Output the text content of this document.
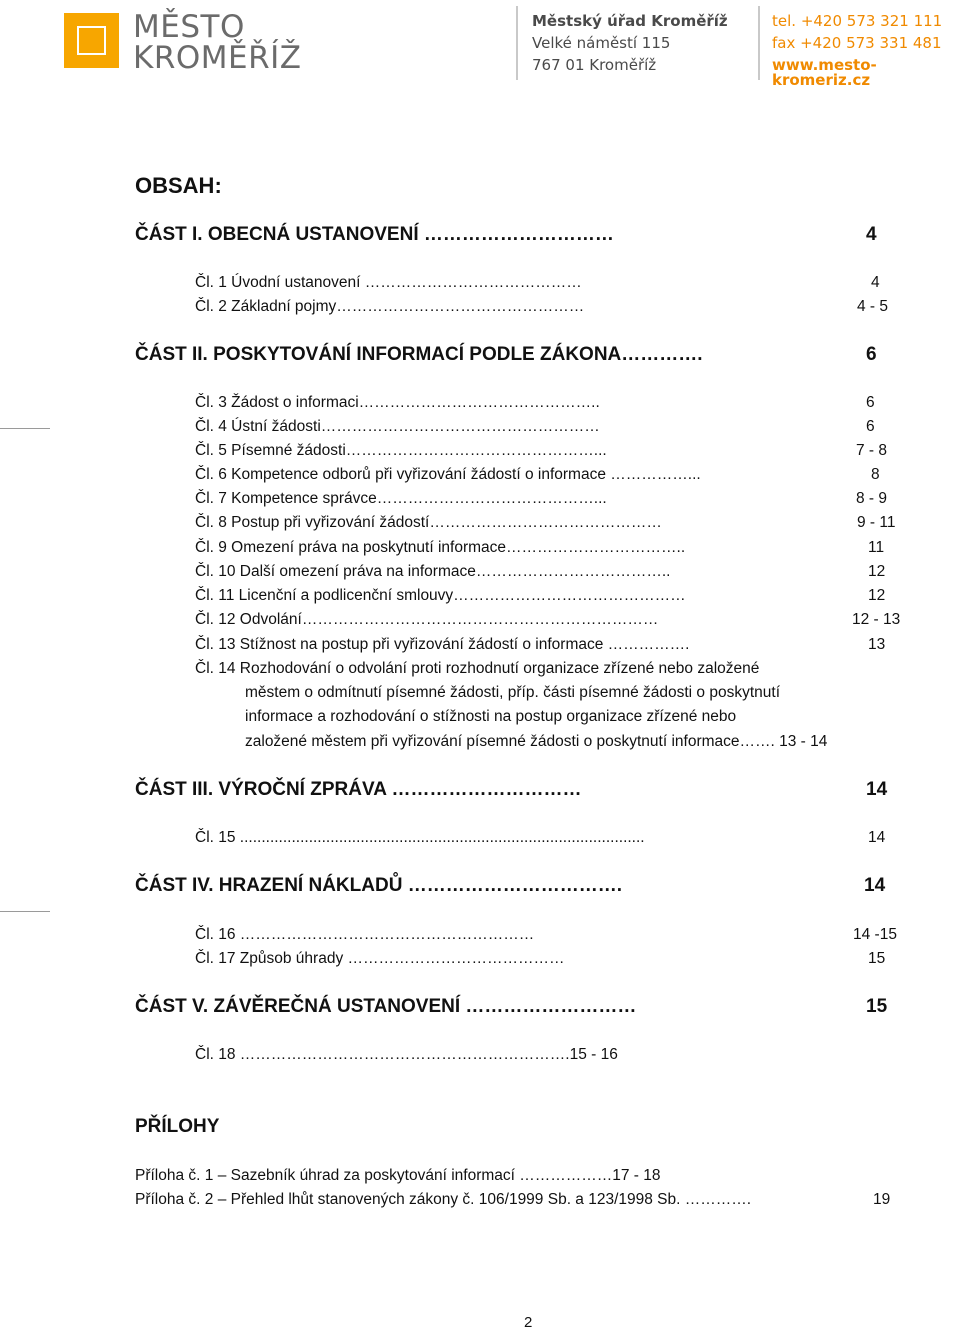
MĚSTO
KROMĚŘÍŽ
Městský úřad Kroměříž
Velké náměstí 115
767 01 Kroměříž
tel. +420 573 321 111
fax +420 573 331 481
www.mesto-kromeriz.cz
OBSAH:
ČÁST I. OBECNÁ USTANOVENÍ …………………………	4
Čl. 1 Úvodní ustanovení ……………………………………	4
Čl. 2 Základní pojmy…………………………………………	4 - 5
ČÁST II. POSKYTOVÁNÍ INFORMACÍ PODLE ZÁKONA………….	6
Čl. 3 Žádost o informaci………………………………………..	6
Čl. 4 Ústní žádosti………………………………………………	6
Čl. 5 Písemné žádosti…………………………………………...	7 - 8
Čl. 6 Kompetence odborů při vyřizování žádostí o informace ……………...	8
Čl. 7 Kompetence správce……………………………………...	8 - 9
Čl. 8 Postup při vyřizování žádostí………………………………………	9 - 11
Čl. 9 Omezení práva na poskytnutí informace……………………………..	11
Čl. 10 Další omezení práva na informace………………………………..	12
Čl. 11 Licenční a podlicenční smlouvy………………………………………	12
Čl. 12 Odvolání……………………………………………………………	12 - 13
Čl. 13 Stížnost na postup při vyřizování žádostí o informace …………….	13
Čl. 14 Rozhodování o odvolání proti rozhodnutí organizace zřízené nebo založené
městem o odmítnutí písemné žádosti, příp. části písemné žádosti o poskytnutí
informace a rozhodování o stížnosti na postup organizace zřízené nebo
založené městem při vyřizování písemné žádosti o poskytnutí informace……. 13 - 14
ČÁST III. VÝROČNÍ ZPRÁVA …………………………	14
Čl. 15 ..............................................................................................	14
ČÁST IV. HRAZENÍ NÁKLADŮ …………………………….	14
Čl. 16 …………………………………………………	14 -15
Čl. 17 Způsob úhrady ……………………………………	15
ČÁST V. ZÁVĚREČNÁ USTANOVENÍ ………………………	15
Čl. 18 ……………………………………………………….15 - 16
PŘÍLOHY
Příloha č. 1 – Sazebník úhrad za poskytování informací ………………17 - 18
Příloha č. 2 – Přehled lhůt stanovených zákony č. 106/1999 Sb. a 123/1998 Sb. ………….	19
2
